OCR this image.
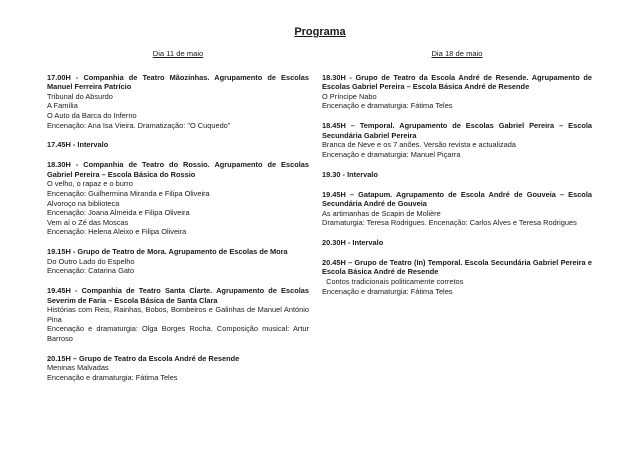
Programa
Dia 11 de maio
17.00H - Companhia de Teatro Mãozinhas. Agrupamento de Escolas Manuel Ferreira Patrício
Tribunal do Absurdo
A Família
O Auto da Barca do Inferno
Encenação: Ana Isa Vieira. Dramatização: "O Cuquedo"
17.45H - Intervalo
18.30H - Companhia de Teatro do Rossio. Agrupamento de Escolas Gabriel Pereira – Escola Básica do Rossio
O velho, o rapaz e o burro
Encenação: Guilhermina Miranda e Filipa Oliveira
Alvoroço na biblioteca
Encenação: Joana Almeida e Filipa Oliveira
Vem aí o Zé das Moscas
Encenação: Helena Aleixo e Filipa Oliveira
19.15H - Grupo de Teatro de Mora. Agrupamento de Escolas de Mora
Do Outro Lado do Espelho
Encenação: Catarina Gato
19.45H - Companhia de Teatro Santa Clarte. Agrupamento de Escolas Severim de Faria – Escola Básica de Santa Clara
Histórias com Reis, Rainhas, Bobos, Bombeiros e Galinhas de Manuel António Pina
Encenação e dramaturgia: Olga Borges Rocha. Composição musical: Artur Barroso
20.15H – Grupo de Teatro da Escola André de Resende
Meninas Malvadas
Encenação e dramaturgia: Fátima Teles
Dia 18 de maio
18.30H - Grupo de Teatro da Escola André de Resende. Agrupamento de Escolas Gabriel Pereira – Escola Básica André de Resende
O Príncipe Nabo
Encenação e dramaturgia: Fátima Teles
18.45H – Temporal. Agrupamento de Escolas Gabriel Pereira – Escola Secundária Gabriel Pereira
Branca de Neve e os 7 anões. Versão revista e actualizada
Encenação e dramaturgia: Manuel Piçarra
19.30 - Intervalo
19.45H – Gatapum. Agrupamento de Escola André de Gouveia – Escola Secundária André de Gouveia
As artimanhas de Scapin de Molière
Dramaturgia: Teresa Rodrigues. Encenação: Carlos Alves e Teresa Rodrigues
20.30H - Intervalo
20.45H – Grupo de Teatro (In) Temporal. Escola Secundária Gabriel Pereira e Escola Básica André de Resende
Contos tradicionais politicamente corretos
Encenação e dramaturgia: Fátima Teles
